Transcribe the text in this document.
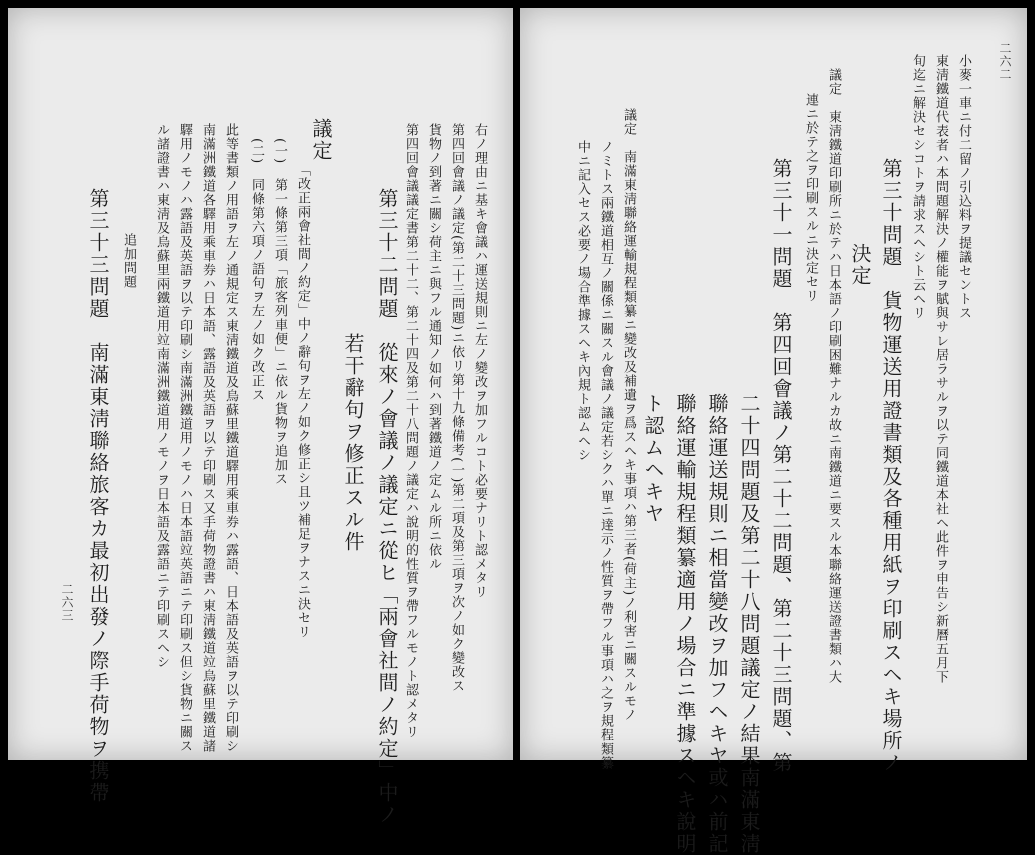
二六二
小麥一車ニ付二留ノ引込料ヲ提議セントス
東淸鐵道代表者ハ本問題解決ノ權能ヲ賦與サレ居ラサルヲ以テ同鐵道本社ヘ此件ヲ申告シ新曆五月下
旬迄ニ解決セシコトヲ請求スヘシト云ヘリ
第三十問題　貨物運送用證書類及各種用紙ヲ印刷スヘキ場所ノ
決定
議定　東淸鐵道印刷所ニ於テハ日本語ノ印刷困難ナルカ故ニ南鐵道ニ要スル本聯絡運送證書類ハ大
連ニ於テ之ヲ印刷スルニ決定セリ
第三十一問題　第四回會議ノ第二十二問題、第二十三問題、第
二十四問題及第二十八問題議定ノ結果南滿東淸
聯絡運送規則ニ相當變改ヲ加フヘキヤ或ハ前記
聯絡運輸規程類纂適用ノ場合ニ準據スヘキ說明
ト認ムヘキヤ
議定　南滿東淸聯絡運輸規程類纂ニ變改及補遺ヲ爲スヘキ事項ハ第三者(荷主)ノ利害ニ關スルモノ
ノミトス兩鐵道相互ノ關係ニ關スル會議ノ議定若シクハ單ニ達示ノ性質ヲ帶フル事項ハ之ヲ規程類纂
中ニ記入セス必要ノ場合準據スヘキ內規ト認ムヘシ
右ノ理由ニ基キ會議ハ運送規則ニ左ノ變改ヲ加フルコト必要ナリト認メタリ
第四回會議ノ議定(第二十三問題)ニ依リ第十九條備考(一)第二項及第三項ヲ次ノ如ク變改ス
貨物ノ到著ニ關シ荷主ニ與フル通知ノ如何ハ到著鐵道ノ定ムル所ニ依ル
第四回會議議定書第二十二、第二十四及第二十八問題ノ議定ハ說明的性質ヲ帶フルモノト認メタリ
第三十二問題　從來ノ會議ノ議定ニ從ヒ「兩會社間ノ約定」中ノ
若干辭句ヲ修正スル件
議定
「改正兩會社間ノ約定」中ノ辭句ヲ左ノ如ク修正シ且ツ補足ヲナスニ決セリ
(一)　第一條第三項「旅客列車便」ニ依ル貨物ヲ追加ス
(二)　同條第六項ノ語句ヲ左ノ如ク改正ス
此等書類ノ用語ヲ左ノ通規定ス東淸鐵道及烏蘇里鐵道驛用乘車券ハ露語、日本語及英語ヲ以テ印刷シ
南滿洲鐵道各驛用乘車券ハ日本語、露語及英語ヲ以テ印刷ス又手荷物證書ハ東淸鐵道竝烏蘇里鐵道諸
驛用ノモノハ露語及英語ヲ以テ印刷シ南滿洲鐵道用ノモノハ日本語竝英語ニテ印刷ス但シ貨物ニ關ス
ル諸證書ハ東淸及烏蘇里兩鐵道用竝南滿洲鐵道用ノモノヲ日本語及露語ニテ印刷スヘシ
追加問題
第三十三問題　南滿東淸聯絡旅客カ最初出發ノ際手荷物ヲ携帶
二六三
